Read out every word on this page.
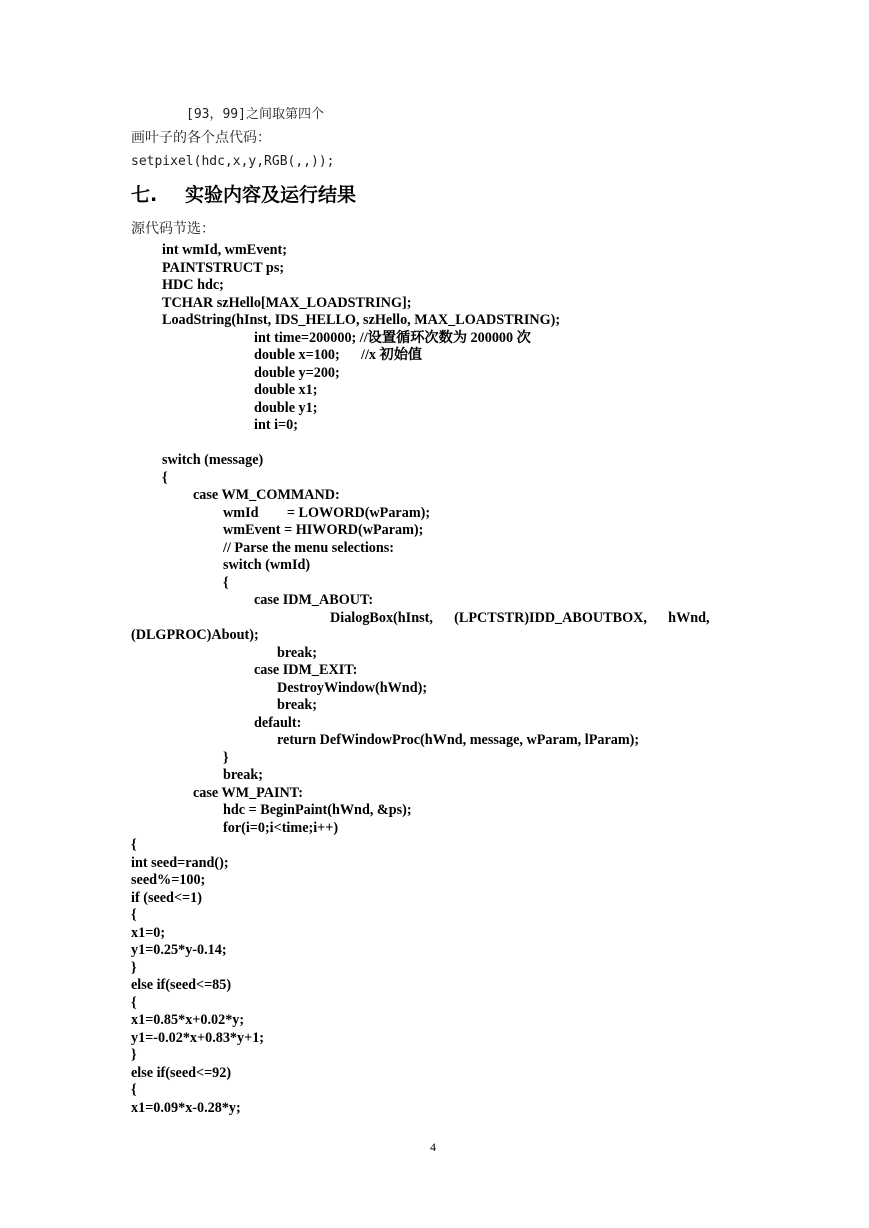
[93，99]之间取第四个
画叶子的各个点代码：
setpixel(hdc,x,y,RGB(,,));
七. 实验内容及运行结果
源代码节选：
int wmId, wmEvent;
PAINTSTRUCT ps;
HDC hdc;
TCHAR szHello[MAX_LOADSTRING];
LoadString(hInst, IDS_HELLO, szHello, MAX_LOADSTRING);
int time=200000; //设置循环次数为 200000 次
double x=100;      //x 初始值
double y=200;
double x1;
double y1;
int i=0;
switch (message)
{
case WM_COMMAND:
wmId        = LOWORD(wParam);
wmEvent = HIWORD(wParam);
// Parse the menu selections:
switch (wmId)
{
case IDM_ABOUT:
DialogBox(hInst,      (LPCTSTR)IDD_ABOUTBOX,      hWnd,
(DLGPROC)About);
break;
case IDM_EXIT:
DestroyWindow(hWnd);
break;
default:
return DefWindowProc(hWnd, message, wParam, lParam);
}
break;
case WM_PAINT:
hdc = BeginPaint(hWnd, &ps);
for(i=0;i<time;i++)
{
int seed=rand();
seed%=100;
if (seed<=1)
{
x1=0;
y1=0.25*y-0.14;
}
else if(seed<=85)
{
x1=0.85*x+0.02*y;
y1=-0.02*x+0.83*y+1;
}
else if(seed<=92)
{
x1=0.09*x-0.28*y;
4
